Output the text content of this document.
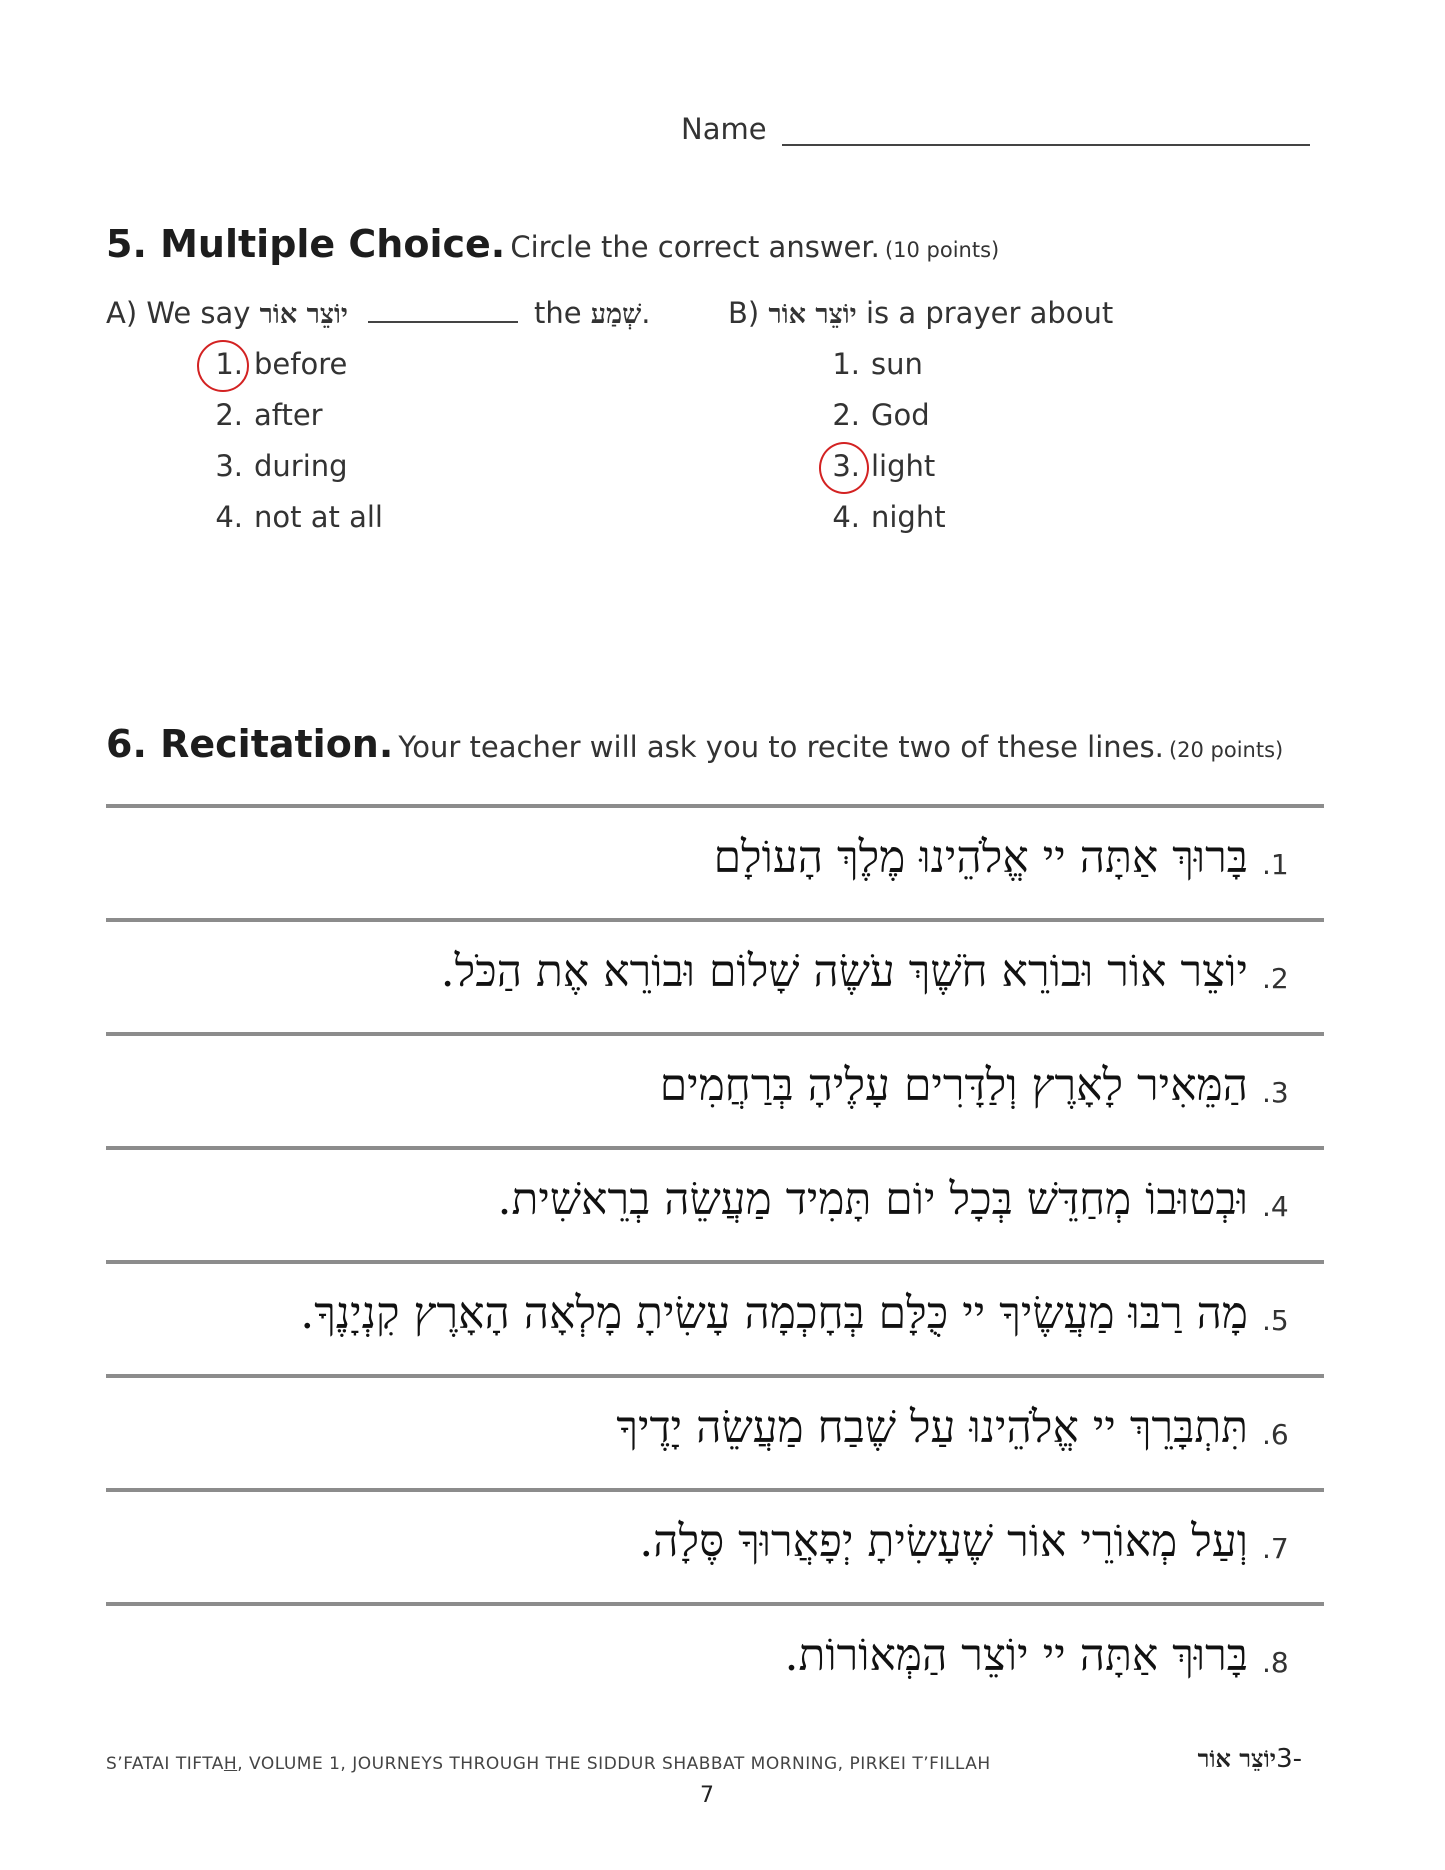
Name
5. Multiple Choice. Circle the correct answer. (10 points)
A) We say יוֹצֵר אוֹר	the שְׁמַע.	B) יוֹצֵר אוֹר is a prayer about
1. before
2. after
3. during
4. not at all
1. sun
2. God
3. light
4. night
6. Recitation. Your teacher will ask you to recite two of these lines. (20 points)
.1
בָּרוּךְ אַתָּה יי אֱלֹהֵינוּ מֶלֶךְ הָעוֹלָם
.2
יוֹצֵר אוֹר וּבוֹרֵא חֹשֶׁךְ עֹשֶׂה שָׁלוֹם וּבוֹרֵא אֶת הַכֹּל.
.3
הַמֵּאִיר לָאָרֶץ וְלַדָּרִים עָלֶיהָ בְּרַחֲמִים
.4
וּבְטוּבוֹ מְחַדֵּשׁ בְּכָל יוֹם תָּמִיד מַעֲשֵׂה בְרֵאשִׁית.
.5
מָה רַבּוּ מַעֲשֶׂיךָ יי כֻּלָּם בְּחָכְמָה עָשִׂיתָ מָלְאָה הָאָרֶץ קִנְיָנֶךָ.
.6
תִּתְבָּרֵךְ יי אֱלֹהֵינוּ עַל שֶׁבַח מַעֲשֵׂה יָדֶיךָ
.7
וְעַל מְאוֹרֵי אוֹר שֶׁעָשִׂיתָ יְפָאֲרוּךָ סֶּלָה.
.8
בָּרוּךְ אַתָּה יי יוֹצֵר הַמְּאוֹרוֹת.
S’FATAI TIFTAH, VOLUME 1, JOURNEYS THROUGH THE SIDDUR SHABBAT MORNING, PIRKEI T’FILLAH	יוֹצֵר אוֹר3-
7
